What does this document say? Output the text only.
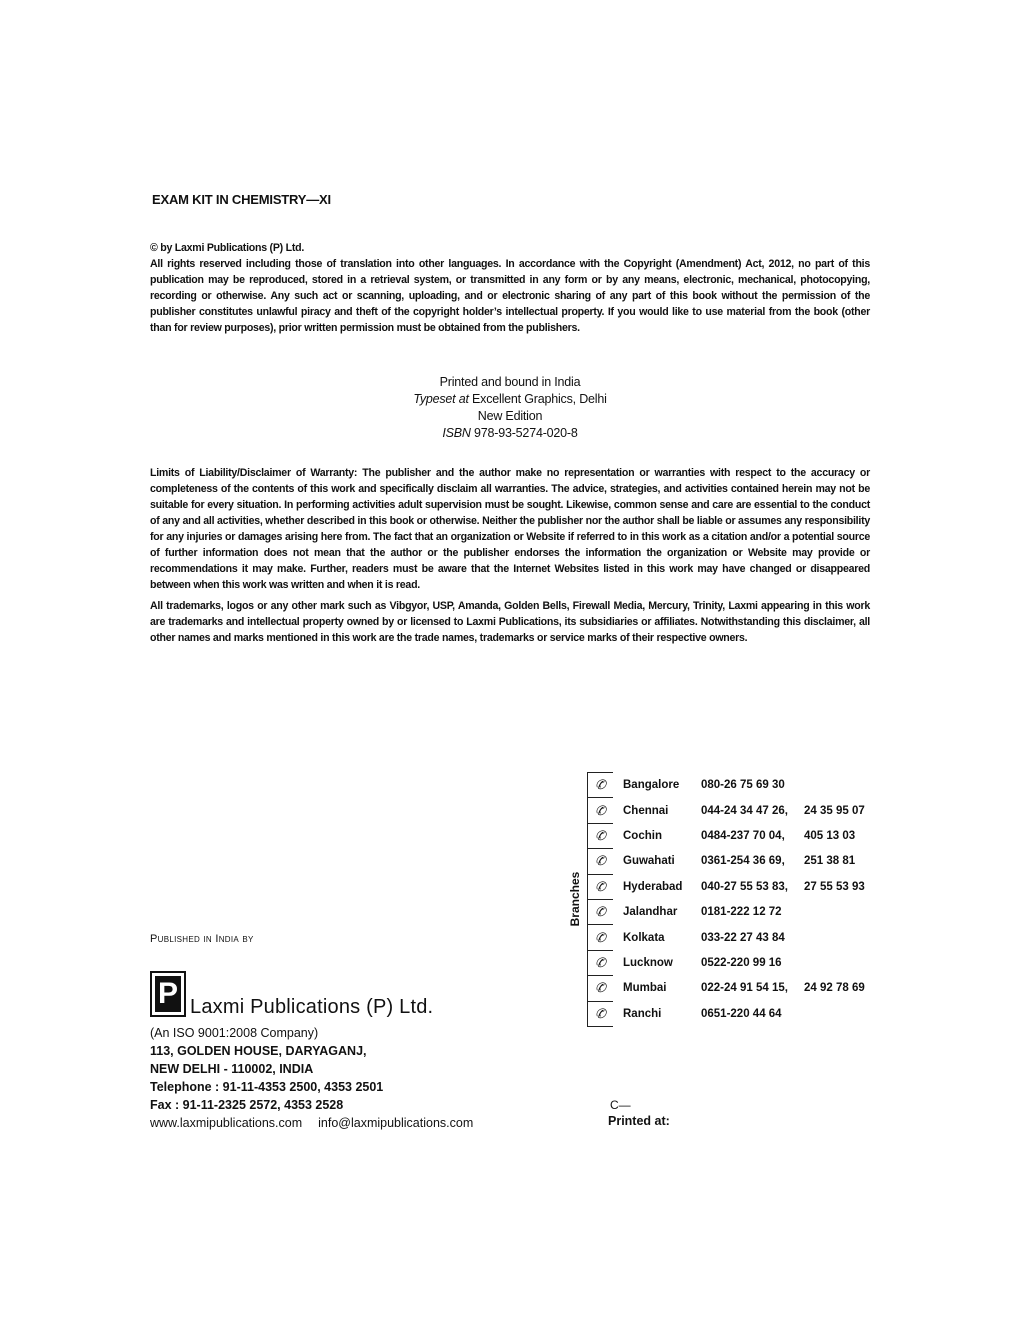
EXAM KIT IN CHEMISTRY—XI

© by Laxmi Publications (P) Ltd.

All rights reserved including those of translation into other languages. In accordance with the Copyright (Amendment) Act, 2012, no part of this publication may be reproduced, stored in a retrieval system, or transmitted in any form or by any means, electronic, mechanical, photocopying, recording or otherwise. Any such act or scanning, uploading, and or electronic sharing of any part of this book without the permission of the publisher constitutes unlawful piracy and theft of the copyright holder’s intellectual property. If you would like to use material from the book (other than for review purposes), prior written permission must be obtained from the publishers.

Printed and bound in India
Typeset at Excellent Graphics, Delhi
New Edition
ISBN 978-93-5274-020-8

Limits of Liability/Disclaimer of Warranty: The publisher and the author make no representation or warranties with respect to the accuracy or completeness of the contents of this work and specifically disclaim all warranties. The advice, strategies, and activities contained herein may not be suitable for every situation. In performing activities adult supervision must be sought. Likewise, common sense and care are essential to the conduct of any and all activities, whether described in this book or otherwise. Neither the publisher nor the author shall be liable or assumes any responsibility for any injuries or damages arising here from. The fact that an organization or Website if referred to in this work as a citation and/or a potential source of further information does not mean that the author or the publisher endorses the information the organization or Website may provide or recommendations it may make. Further, readers must be aware that the Internet Websites listed in this work may have changed or disappeared between when this work was written and when it is read.

All trademarks, logos or any other mark such as Vibgyor, USP, Amanda, Golden Bells, Firewall Media, Mercury, Trinity, Laxmi appearing in this work are trademarks and intellectual property owned by or licensed to Laxmi Publications, its subsidiaries or affiliates. Notwithstanding this disclaimer, all other names and marks mentioned in this work are the trade names, trademarks or service marks of their respective owners.

Branches
✆ Bangalore	080-26 75 69 30
✆ Chennai	044-24 34 47 26, 24 35 95 07
✆ Cochin	0484-237 70 04, 405 13 03
✆ Guwahati	0361-254 36 69, 251 38 81
✆ Hyderabad	040-27 55 53 83, 27 55 53 93
✆ Jalandhar	0181-222 12 72
✆ Kolkata	033-22 27 43 84
✆ Lucknow	0522-220 99 16
✆ Mumbai	022-24 91 54 15, 24 92 78 69
✆ Ranchi	0651-220 44 64
Published in India by
P Laxmi Publications (P) Ltd.
(An ISO 9001:2008 Company)
113, GOLDEN HOUSE, DARYAGANJ,
NEW DELHI - 110002, INDIA
Telephone : 91-11-4353 2500, 4353 2501
Fax : 91-11-2325 2572, 4353 2528
www.laxmipublications.com info@laxmipublications.com
C—
Printed at:
